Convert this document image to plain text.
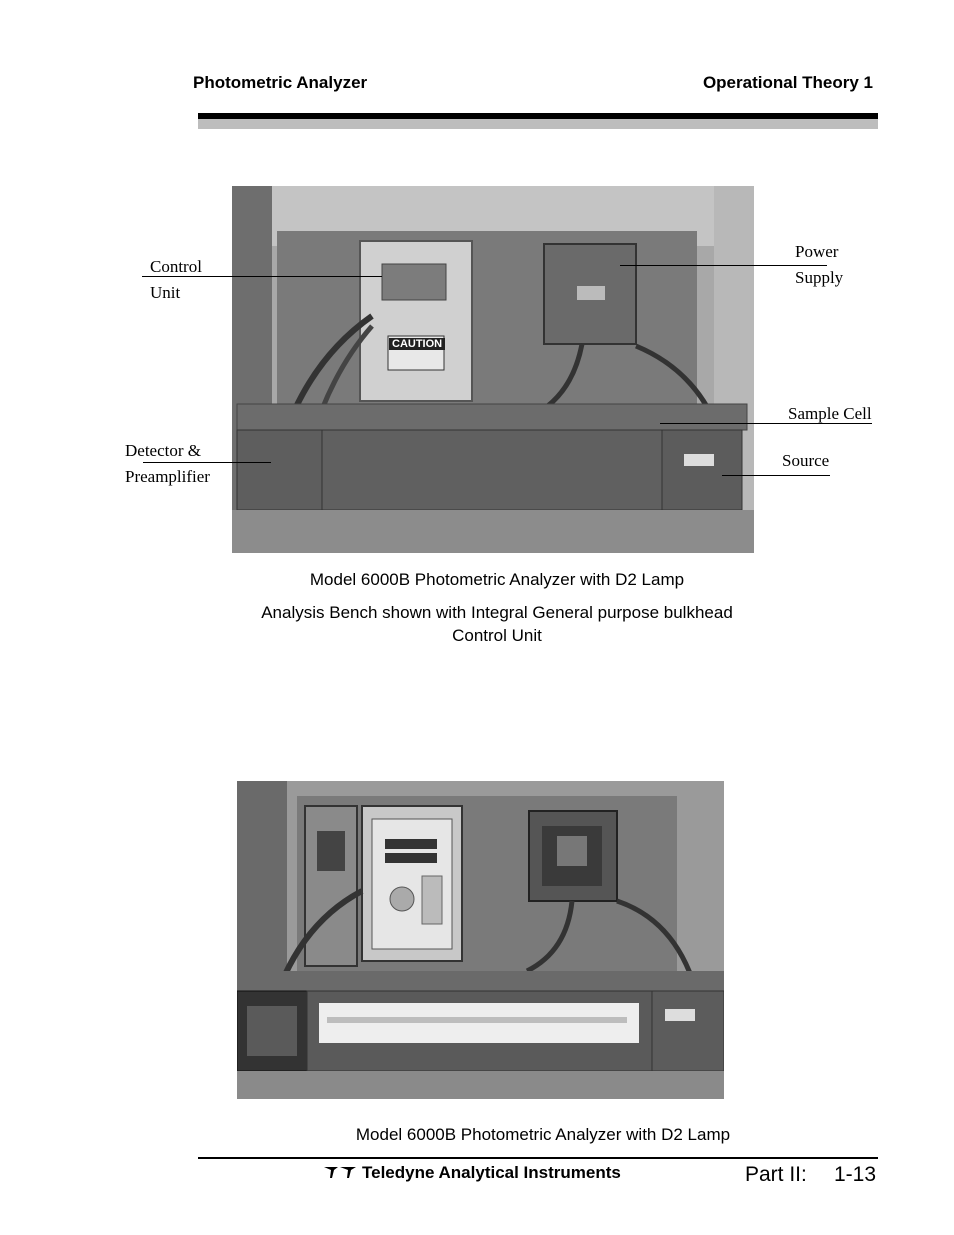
Photometric Analyzer	Operational Theory 1
CAUTION
Control
Unit
Power
Supply
Sample Cell
Source
Detector &
Preamplifier
Model 6000B Photometric Analyzer with D2 Lamp
Analysis Bench shown with Integral General purpose bulkhead
Control Unit
Model 6000B Photometric Analyzer with D2 Lamp
Teledyne Analytical Instruments	Part II: 1-13
